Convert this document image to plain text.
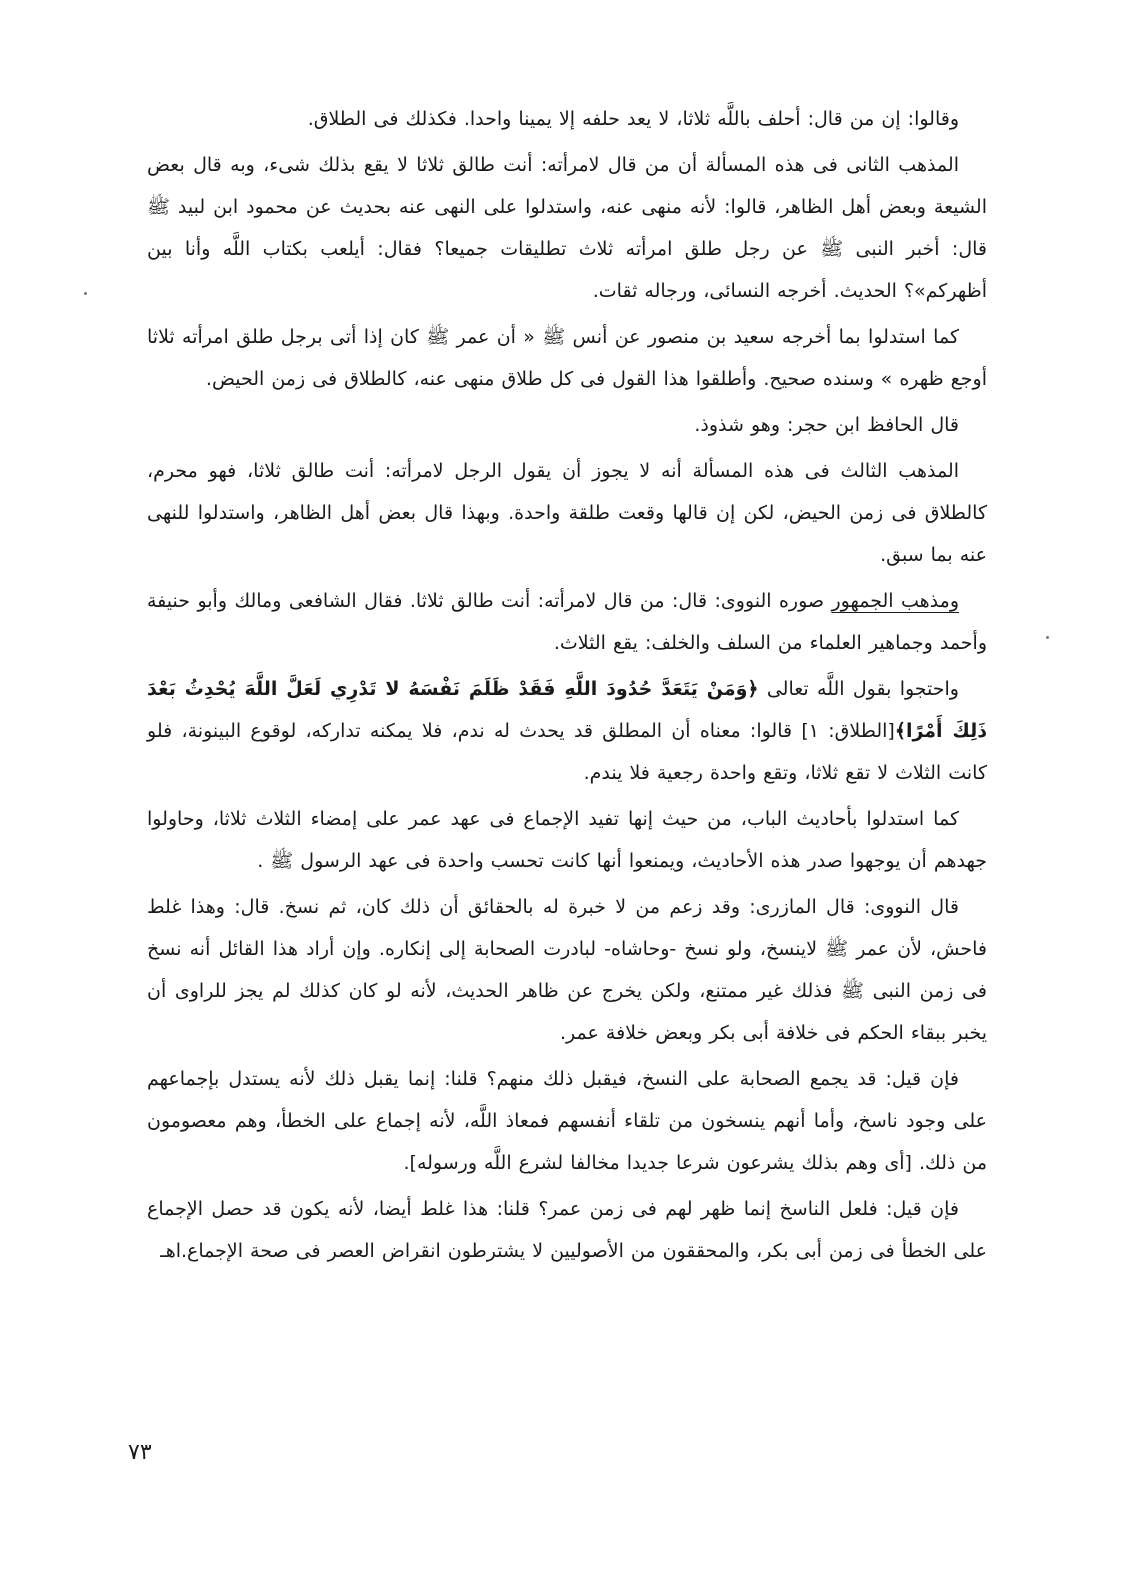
وقالوا: إن من قال: أحلف باللَّه ثلاثا، لا يعد حلفه إلا يمينا واحدا. فكذلك فى الطلاق.

المذهب الثانى فى هذه المسألة أن من قال لامرأته: أنت طالق ثلاثا لا يقع بذلك شىء، وبه قال بعض الشيعة وبعض أهل الظاهر، قالوا: لأنه منهى عنه، واستدلوا على النهى عنه بحديث عن محمود ابن لبيد ﷺ قال: أخبر النبى ﷺ عن رجل طلق امرأته ثلاث تطليقات جميعا؟ فقال: أيلعب بكتاب اللَّه وأنا بين أظهركم»؟ الحديث. أخرجه النسائى، ورجاله ثقات.

كما استدلوا بما أخرجه سعيد بن منصور عن أنس ﷺ « أن عمر ﷺ كان إذا أتى برجل طلق امرأته ثلاثا أوجع ظهره » وسنده صحيح. وأطلقوا هذا القول فى كل طلاق منهى عنه، كالطلاق فى زمن الحيض.

قال الحافظ ابن حجر: وهو شذوذ.

المذهب الثالث فى هذه المسألة أنه لا يجوز أن يقول الرجل لامرأته: أنت طالق ثلاثا، فهو محرم، كالطلاق فى زمن الحيض، لكن إن قالها وقعت طلقة واحدة. وبهذا قال بعض أهل الظاهر، واستدلوا للنهى عنه بما سبق.

ومذهب الجمهور صوره النووى: قال: من قال لامرأته: أنت طالق ثلاثا. فقال الشافعى ومالك وأبو حنيفة وأحمد وجماهير العلماء من السلف والخلف: يقع الثلاث.

واحتجوا بقول اللَّه تعالى ﴿وَمَنْ يَتَعَدَّ حُدُودَ اللَّهِ فَقَدْ ظَلَمَ نَفْسَهُ لا تَدْرِي لَعَلَّ اللَّهَ يُحْدِثُ بَعْدَ ذَلِكَ أَمْرًا﴾[الطلاق: ١] قالوا: معناه أن المطلق قد يحدث له ندم، فلا يمكنه تداركه، لوقوع البينونة، فلو كانت الثلاث لا تقع ثلاثا، وتقع واحدة رجعية فلا يندم.

كما استدلوا بأحاديث الباب، من حيث إنها تفيد الإجماع فى عهد عمر على إمضاء الثلاث ثلاثا، وحاولوا جهدهم أن يوجهوا صدر هذه الأحاديث، ويمنعوا أنها كانت تحسب واحدة فى عهد الرسول ﷺ .

قال النووى: قال المازرى: وقد زعم من لا خبرة له بالحقائق أن ذلك كان، ثم نسخ. قال: وهذا غلط فاحش، لأن عمر ﷺ لاينسخ، ولو نسخ -وحاشاه- لبادرت الصحابة إلى إنكاره. وإن أراد هذا القائل أنه نسخ فى زمن النبى ﷺ فذلك غير ممتنع، ولكن يخرج عن ظاهر الحديث، لأنه لو كان كذلك لم يجز للراوى أن يخبر ببقاء الحكم فى خلافة أبى بكر وبعض خلافة عمر.

فإن قيل: قد يجمع الصحابة على النسخ، فيقبل ذلك منهم؟ قلنا: إنما يقبل ذلك لأنه يستدل بإجماعهم على وجود ناسخ، وأما أنهم ينسخون من تلقاء أنفسهم فمعاذ اللَّه، لأنه إجماع على الخطأ، وهم معصومون من ذلك. [أى وهم بذلك يشرعون شرعا جديدا مخالفا لشرع اللَّه ورسوله].

فإن قيل: فلعل الناسخ إنما ظهر لهم فى زمن عمر؟ قلنا: هذا غلط أيضا، لأنه يكون قد حصل الإجماع على الخطأ فى زمن أبى بكر، والمحققون من الأصوليين لا يشترطون انقراض العصر فى صحة الإجماع.اهـ

٧٣
